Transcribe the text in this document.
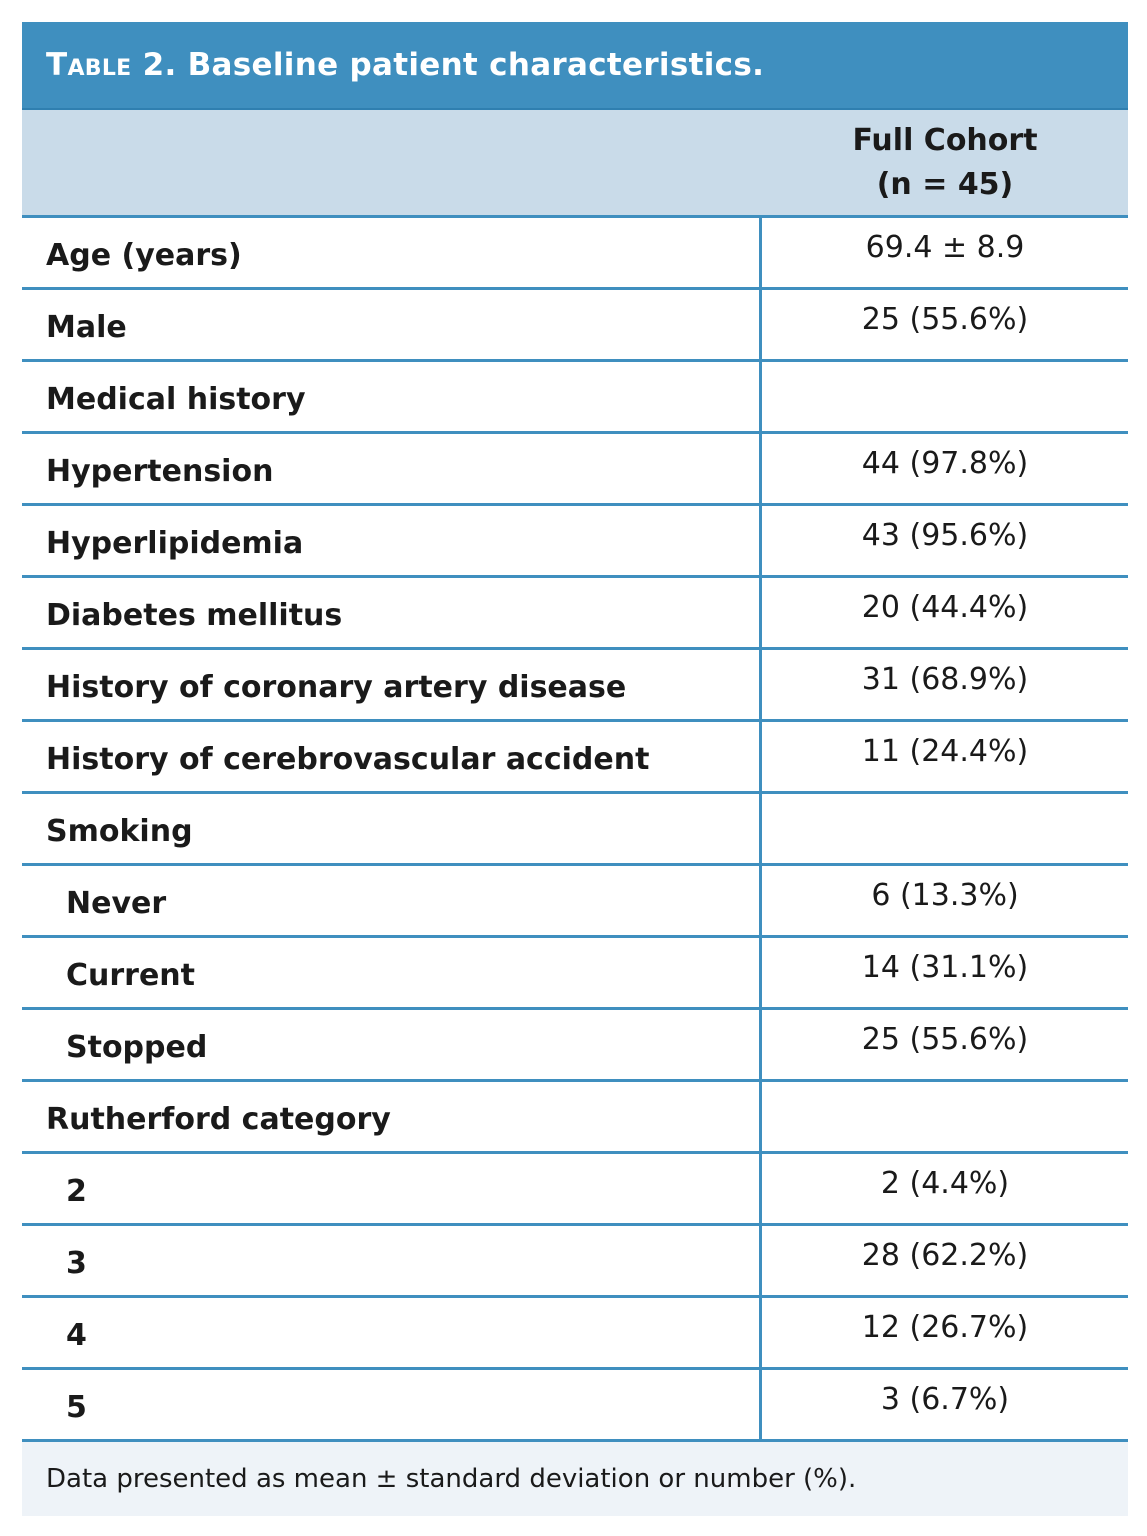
Table 2. Baseline patient characteristics.
Full Cohort
(n = 45)
Age (years)	69.4 ± 8.9
Male	25 (55.6%)
Medical history
Hypertension	44 (97.8%)
Hyperlipidemia	43 (95.6%)
Diabetes mellitus	20 (44.4%)
History of coronary artery disease	31 (68.9%)
History of cerebrovascular accident	11 (24.4%)
Smoking
Never	6 (13.3%)
Current	14 (31.1%)
Stopped	25 (55.6%)
Rutherford category
2	2 (4.4%)
3	28 (62.2%)
4	12 (26.7%)
5	3 (6.7%)
Data presented as mean ± standard deviation or number (%).
